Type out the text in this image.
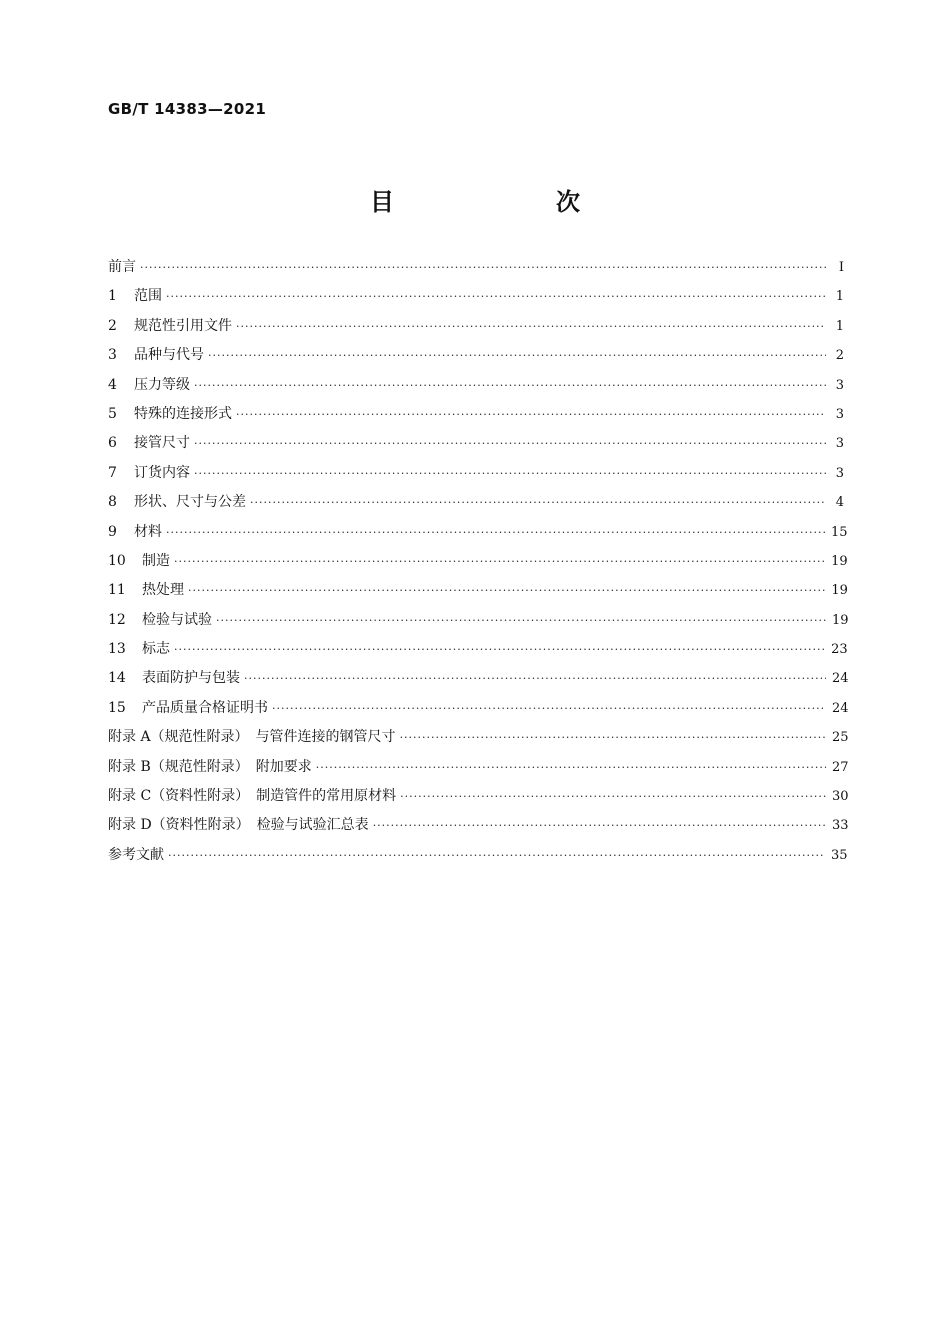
GB/T 14383—2021
目　　次
前言 ·····	Ⅰ
1	范围 ·····	1
2	规范性引用文件 ·····	1
3	品种与代号 ·····	2
4	压力等级 ·····	3
5	特殊的连接形式 ·····	3
6	接管尺寸 ·····	3
7	订货内容 ·····	3
8	形状、尺寸与公差 ·····	4
9	材料 ·····	15
10	制造 ·····	19
11	热处理 ·····	19
12	检验与试验 ·····	19
13	标志 ·····	23
14	表面防护与包装 ·····	24
15	产品质量合格证明书 ·····	24
附录 A（规范性附录）　与管件连接的钢管尺寸 ·····	25
附录 B（规范性附录）　附加要求 ·····	27
附录 C（资料性附录）　制造管件的常用原材料 ·····	30
附录 D（资料性附录）　检验与试验汇总表 ·····	33
参考文献 ·····	35
